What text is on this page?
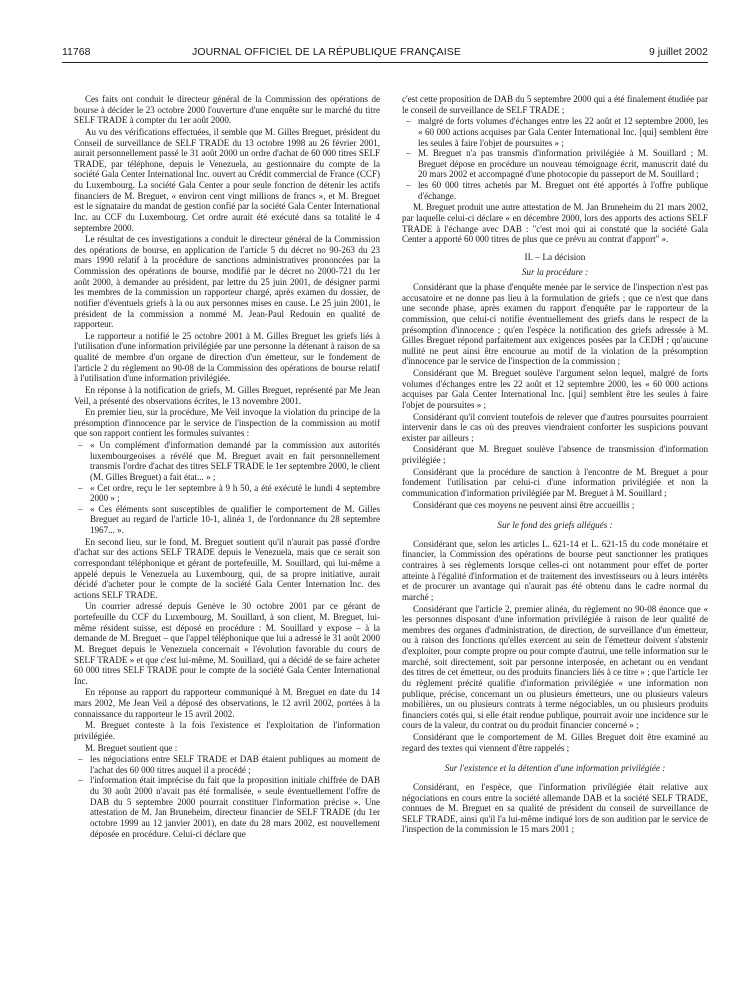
11768	JOURNAL OFFICIEL DE LA RÉPUBLIQUE FRANÇAISE	9 juillet 2002

Ces faits ont conduit le directeur général de la Commission des opérations de bourse à décider le 23 octobre 2000 l'ouverture d'une enquête sur le marché du titre SELF TRADE à compter du 1er août 2000.

Au vu des vérifications effectuées, il semble que M. Gilles Breguet, président du Conseil de surveillance de SELF TRADE du 13 octobre 1998 au 26 février 2001, aurait personnellement passé le 31 août 2000 un ordre d'achat de 60 000 titres SELF TRADE, par téléphone, depuis le Venezuela, au gestionnaire du compte de la société Gala Center International Inc. ouvert au Crédit commercial de France (CCF) du Luxembourg. La société Gala Center a pour seule fonction de détenir les actifs financiers de M. Breguet, « environ cent vingt millions de francs », et M. Breguet est le signataire du mandat de gestion confié par la société Gala Center International Inc. au CCF du Luxembourg. Cet ordre aurait été exécuté dans sa totalité le 4 septembre 2000.

Le résultat de ces investigations a conduit le directeur général de la Commission des opérations de bourse, en application de l'article 5 du décret no 90-263 du 23 mars 1990 relatif à la procédure de sanctions administratives prononcées par la Commission des opérations de bourse, modifié par le décret no 2000-721 du 1er août 2000, à demander au président, par lettre du 25 juin 2001, de désigner parmi les membres de la commission un rapporteur chargé, après examen du dossier, de notifier d'éventuels griefs à la ou aux personnes mises en cause. Le 25 juin 2001, le président de la commission a nommé M. Jean-Paul Redouin en qualité de rapporteur.

Le rapporteur a notifié le 25 octobre 2001 à M. Gilles Breguet les griefs liés à l'utilisation d'une information privilégiée par une personne la détenant à raison de sa qualité de membre d'un organe de direction d'un émetteur, sur le fondement de l'article 2 du règlement no 90-08 de la Commission des opérations de bourse relatif à l'utilisation d'une information privilégiée.

En réponse à la notification de griefs, M. Gilles Breguet, représenté par Me Jean Veil, a présenté des observations écrites, le 13 novembre 2001.

En premier lieu, sur la procédure, Me Veil invoque la violation du principe de la présomption d'innocence par le service de l'inspection de la commission au motif que son rapport contient les formules suivantes :

– « Un complément d'information demandé par la commission aux autorités luxembourgeoises a révélé que M. Breguet avait en fait personnellement transmis l'ordre d'achat des titres SELF TRADE le 1er septembre 2000, le client (M. Gilles Breguet) a fait état... » ;
– « Cet ordre, reçu le 1er septembre à 9 h 50, a été exécuté le lundi 4 septembre 2000 » ;
– « Ces éléments sont susceptibles de qualifier le comportement de M. Gilles Breguet au regard de l'article 10-1, alinéa 1, de l'ordonnance du 28 septembre 1967... ».

En second lieu, sur le fond, M. Breguet soutient qu'il n'aurait pas passé d'ordre d'achat sur des actions SELF TRADE depuis le Venezuela, mais que ce serait son correspondant téléphonique et gérant de portefeuille, M. Souillard, qui lui-même a appelé depuis le Venezuela au Luxembourg, qui, de sa propre initiative, aurait décidé d'acheter pour le compte de la société Gala Center Internation Inc. des actions SELF TRADE.

Un courrier adressé depuis Genève le 30 octobre 2001 par ce gérant de portefeuille du CCF du Luxembourg, M. Souillard, à son client, M. Breguet, lui-même résident suisse, est déposé en procédure : M. Souillard y expose – à la demande de M. Breguet – que l'appel téléphonique que lui a adressé le 31 août 2000 M. Breguet depuis le Venezuela concernait « l'évolution favorable du cours de SELF TRADE » et que c'est lui-même, M. Souillard, qui a décidé de se faire acheter 60 000 titres SELF TRADE pour le compte de la société Gala Center International Inc.

En réponse au rapport du rapporteur communiqué à M. Breguet en date du 14 mars 2002, Me Jean Veil a déposé des observations, le 12 avril 2002, portées à la connaissance du rapporteur le 15 avril 2002.

M. Breguet conteste à la fois l'existence et l'exploitation de l'information privilégiée.

M. Breguet soutient que :

– les négociations entre SELF TRADE et DAB étaient publiques au moment de l'achat des 60 000 titres auquel il a procédé ;
– l'information était imprécise du fait que la proposition initiale chiffrée de DAB du 30 août 2000 n'avait pas été formalisée, « seule éventuellement l'offre de DAB du 5 septembre 2000 pourrait constituer l'information précise ». Une attestation de M. Jan Bruneheim, directeur financier de SELF TRADE (du 1er octobre 1999 au 12 janvier 2001), en date du 28 mars 2002, est nouvellement déposée en procédure. Celui-ci déclare que

c'est cette proposition de DAB du 5 septembre 2000 qui a été finalement étudiée par le conseil de surveillance de SELF TRADE ;

– malgré de forts volumes d'échanges entre les 22 août et 12 septembre 2000, les « 60 000 actions acquises par Gala Center International Inc. [qui] semblent être les seules à faire l'objet de poursuites » ;
– M. Breguet n'a pas transmis d'information privilégiée à M. Souillard ; M. Breguet dépose en procédure un nouveau témoignage écrit, manuscrit daté du 20 mars 2002 et accompagné d'une photocopie du passeport de M. Souillard ;
– les 60 000 titres achetés par M. Breguet ont été apportés à l'offre publique d'échange.

M. Breguet produit une autre attestation de M. Jan Bruneheim du 21 mars 2002, par laquelle celui-ci déclare « en décembre 2000, lors des apports des actions SELF TRADE à l'échange avec DAB : "c'est moi qui ai constaté que la société Gala Center a apporté 60 000 titres de plus que ce prévu au contrat d'apport" ».

II. – La décision
Sur la procédure :

Considérant que la phase d'enquête menée par le service de l'inspection n'est pas accusatoire et ne donne pas lieu à la formulation de griefs ; que ce n'est que dans une seconde phase, après examen du rapport d'enquête par le rapporteur de la commission, que celui-ci notifie éventuellement des griefs dans le respect de la présomption d'innocence ; qu'en l'espèce la notification des griefs adressée à M. Gilles Breguet répond parfaitement aux exigences posées par la CEDH ; qu'aucune nullité ne peut ainsi être encourue au motif de la violation de la présomption d'innocence par le service de l'inspection de la commission ;

Considérant que M. Breguet soulève l'argument selon lequel, malgré de forts volumes d'échanges entre les 22 août et 12 septembre 2000, les « 60 000 actions acquises par Gala Center International Inc. [qui] semblent être les seules à faire l'objet de poursuites » ;

Considérant qu'il convient toutefois de relever que d'autres poursuites pourraient intervenir dans le cas où des preuves viendraient conforter les suspicions pouvant exister par ailleurs ;

Considérant que M. Breguet soulève l'absence de transmission d'information privilégiée ;

Considérant que la procédure de sanction à l'encontre de M. Breguet a pour fondement l'utilisation par celui-ci d'une information privilégiée et non la communication d'information privilégiée par M. Breguet à M. Souillard ;

Considérant que ces moyens ne peuvent ainsi être accueillis ;

Sur le fond des griefs allégués :

Considérant que, selon les articles L. 621-14 et L. 621-15 du code monétaire et financier, la Commission des opérations de bourse peut sanctionner les pratiques contraires à ses règlements lorsque celles-ci ont notamment pour effet de porter atteinte à l'égalité d'information et de traitement des investisseurs ou à leurs intérêts et de procurer un avantage qui n'aurait pas été obtenu dans le cadre normal du marché ;

Considérant que l'article 2, premier alinéa, du règlement no 90-08 énonce que « les personnes disposant d'une information privilégiée à raison de leur qualité de membres des organes d'administration, de direction, de surveillance d'un émetteur, ou à raison des fonctions qu'elles exercent au sein de l'émetteur doivent s'abstenir d'exploiter, pour compte propre ou pour compte d'autrui, une telle information sur le marché, soit directement, soit par personne interposée, en achetant ou en vendant des titres de cet émetteur, ou des produits financiers liés à ce titre » ; que l'article 1er du règlement précité qualifie d'information privilégiée « une information non publique, précise, concernant un ou plusieurs émetteurs, une ou plusieurs valeurs mobilières, un ou plusieurs contrats à terme négociables, un ou plusieurs produits financiers cotés qui, si elle était rendue publique, pourrait avoir une incidence sur le cours de la valeur, du contrat ou du produit financier concerné » ;

Considérant que le comportement de M. Gilles Breguet doit être examiné au regard des textes qui viennent d'être rappelés ;

Sur l'existence et la détention d'une information privilégiée :

Considérant, en l'espèce, que l'information privilégiée était relative aux négociations en cours entre la société allemande DAB et la société SELF TRADE, connues de M. Breguet en sa qualité de président du conseil de surveillance de SELF TRADE, ainsi qu'il l'a lui-même indiqué lors de son audition par le service de l'inspection de la commission le 15 mars 2001 ;
